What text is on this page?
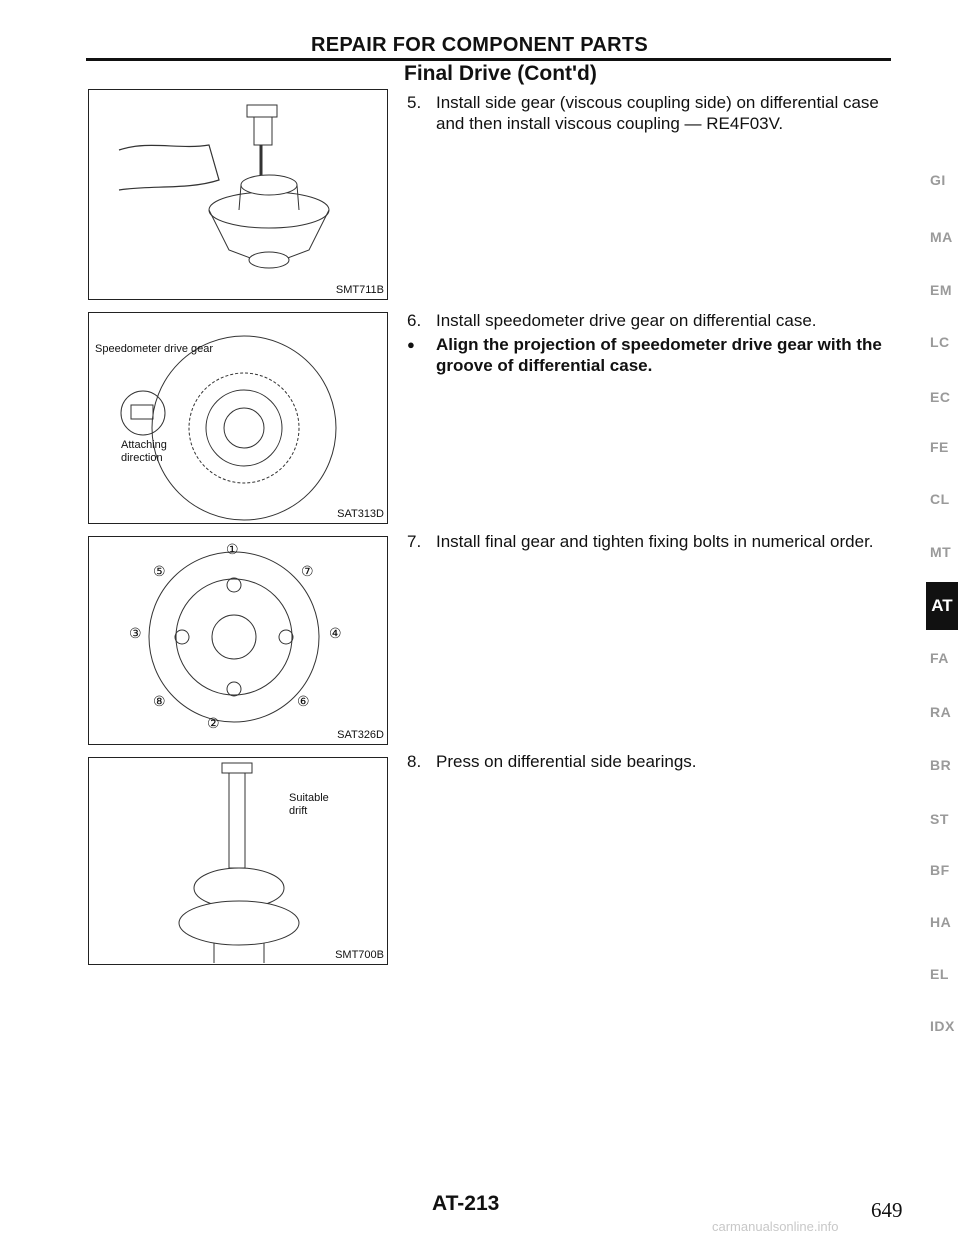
REPAIR FOR COMPONENT PARTS
Final Drive (Cont'd)
SMT711B
Speedometer drive gear
Attaching
direction
SAT313D
①
②
③	④
⑤
⑥
⑦
⑧
SAT326D
Suitable
drift
SMT700B
5. Install side gear (viscous coupling side) on differential case and then install viscous coupling — RE4F03V.
6. Install speedometer drive gear on differential case.
● Align the projection of speedometer drive gear with the groove of differential case.
7. Install final gear and tighten fixing bolts in numerical order.
8. Press on differential side bearings.
GI
MA
EM
LC
EC
FE
CL
MT
AT
FA
RA
BR
ST
BF
HA
EL
IDX
AT-213	649
carmanualsonline.info
